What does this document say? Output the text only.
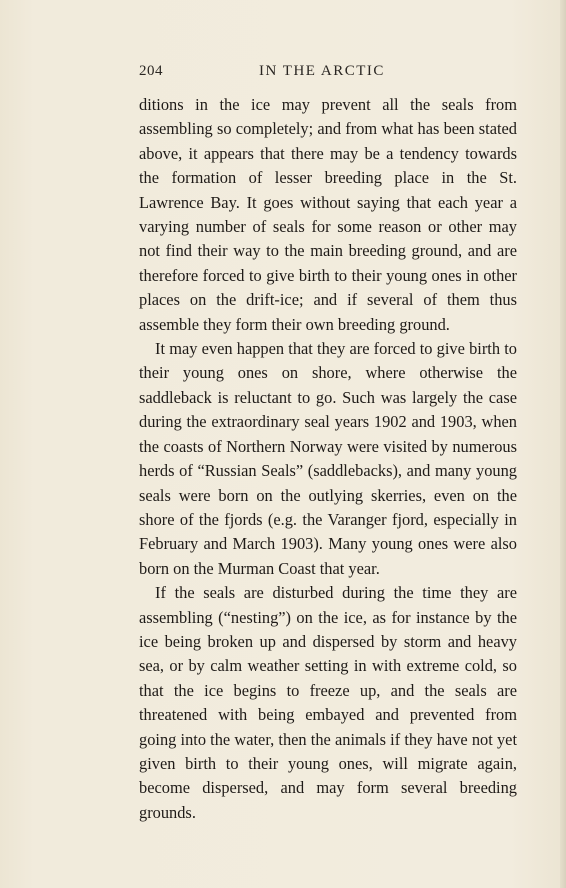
204	IN THE ARCTIC

ditions in the ice may prevent all the seals from assembling so completely; and from what has been stated above, it appears that there may be a tendency towards the formation of lesser breeding place in the St. Lawrence Bay. It goes without saying that each year a varying number of seals for some reason or other may not find their way to the main breeding ground, and are therefore forced to give birth to their young ones in other places on the drift-ice; and if several of them thus assemble they form their own breeding ground.

It may even happen that they are forced to give birth to their young ones on shore, where otherwise the saddleback is reluctant to go. Such was largely the case during the extraordinary seal years 1902 and 1903, when the coasts of Northern Norway were visited by numerous herds of “Russian Seals” (saddlebacks), and many young seals were born on the outlying skerries, even on the shore of the fjords (e.g. the Varanger fjord, especially in February and March 1903). Many young ones were also born on the Murman Coast that year.

If the seals are disturbed during the time they are assembling (“nesting”) on the ice, as for instance by the ice being broken up and dispersed by storm and heavy sea, or by calm weather setting in with extreme cold, so that the ice begins to freeze up, and the seals are threatened with being embayed and prevented from going into the water, then the animals if they have not yet given birth to their young ones, will migrate again, become dispersed, and may form several breeding grounds.
